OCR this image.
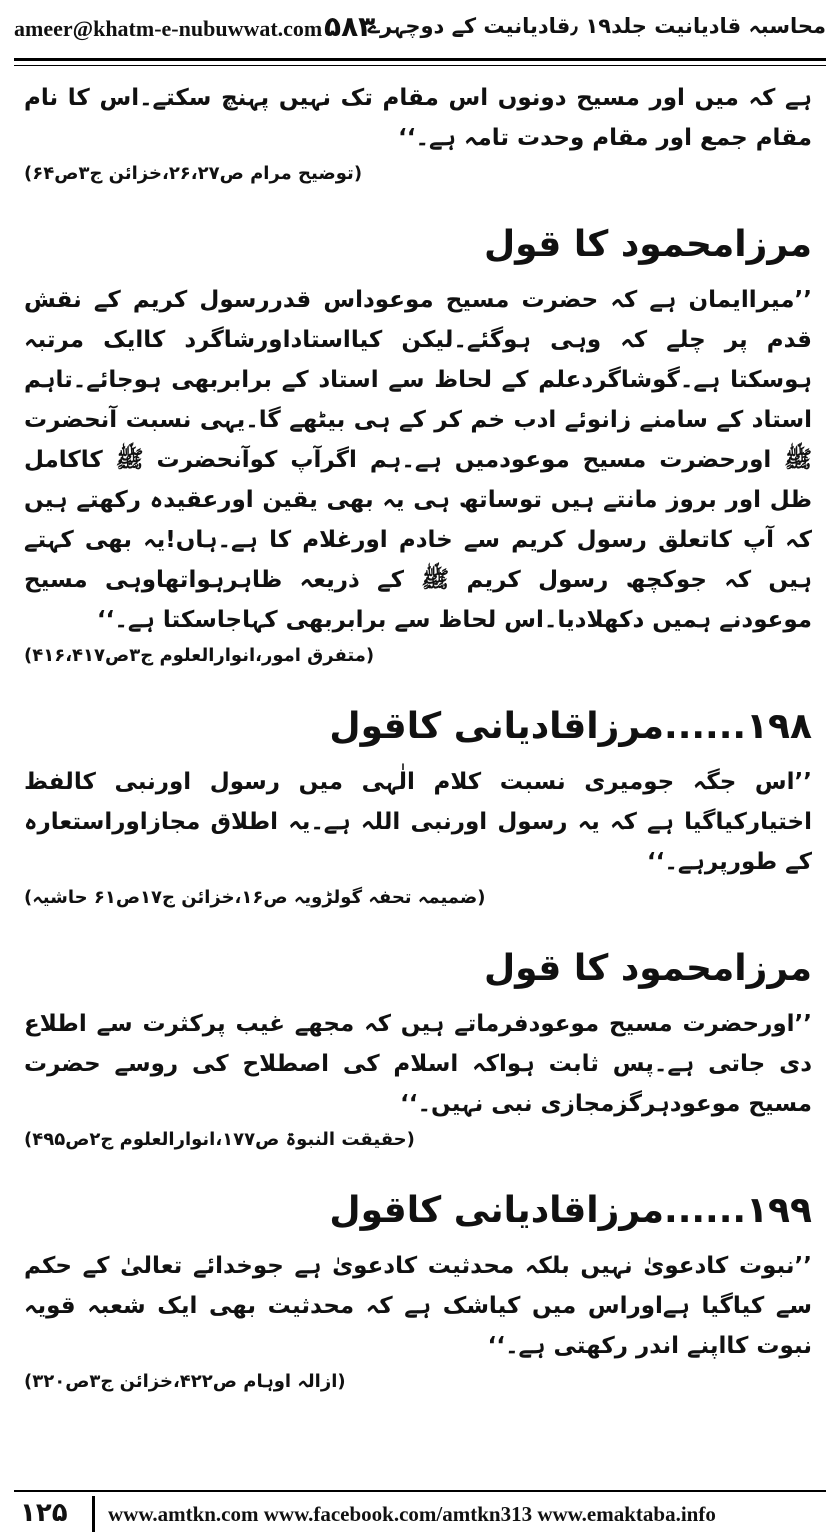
ameer@khatm-e-nubuwwat.com ۵۸۳
محاسبہ قادیانیت جلد۱۹ ٫قادیانیت کے دوچہرے

ہے کہ میں اور مسیح دونوں اس مقام تک نہیں پہنچ سکتے۔اس کا نام مقام جمع اور مقام وحدت تامہ ہے۔‘‘

(توضیح مرام ص۲۶،۲۷،خزائن ج۳ص۶۴)

مرزامحمود کا قول

’’میراایمان ہے کہ حضرت مسیح موعوداس قدررسول کریم کے نقش قدم پر چلے کہ وہی ہوگئے۔لیکن کیااستاداورشاگرد کاایک مرتبہ ہوسکتا ہے۔گوشاگردعلم کے لحاظ سے استاد کے برابربھی ہوجائے۔تاہم استاد کے سامنے زانوئے ادب خم کر کے ہی بیٹھے گا۔یہی نسبت آنحضرت ﷺ اورحضرت مسیح موعودمیں ہے۔ہم اگرآپ کوآنحضرت ﷺ کاکامل ظل اور بروز مانتے ہیں توساتھ ہی یہ بھی یقین اورعقیدہ رکھتے ہیں کہ آپ کاتعلق رسول کریم سے خادم اورغلام کا ہے۔ہاں!یہ بھی کہتے ہیں کہ جوکچھ رسول کریم ﷺ کے ذریعہ ظاہرہواتھاوہی مسیح موعودنے ہمیں دکھلادیا۔اس لحاظ سے برابربھی کہاجاسکتا ہے۔‘‘

(متفرق امور،انوارالعلوم ج۳ص۴۱۶،۴۱۷)

۱۹۸......مرزاقادیانی کاقول

’’اس جگہ جومیری نسبت کلام الٰہی میں رسول اورنبی کالفظ اختیارکیاگیا ہے کہ یہ رسول اورنبی اللہ ہے۔یہ اطلاق مجازاوراستعارہ کے طورپرہے۔‘‘

(ضمیمہ تحفہ گولڑویہ ص۱۶،خزائن ج۱۷ص۶۱ حاشیہ)

مرزامحمود کا قول

’’اورحضرت مسیح موعودفرماتے ہیں کہ مجھے غیب پرکثرت سے اطلاع دی جاتی ہے۔پس ثابت ہواکہ اسلام کی اصطلاح کی روسے حضرت مسیح موعودہرگزمجازی نبی نہیں۔‘‘

(حقیقت النبوۃ ص۱۷۷،انوارالعلوم ج۲ص۴۹۵)

۱۹۹......مرزاقادیانی کاقول

’’نبوت کادعویٰ نہیں بلکہ محدثیت کادعویٰ ہے جوخدائے تعالیٰ کے حکم سے کیاگیا ہےاوراس میں کیاشک ہے کہ محدثیت بھی ایک شعبہ قویہ نبوت کااپنے اندر رکھتی ہے۔‘‘

(ازالہ اوہام ص۴۲۲،خزائن ج۳ص۳۲۰)

۱۲۵ www.amtkn.com www.facebook.com/amtkn313 www.emaktaba.info
